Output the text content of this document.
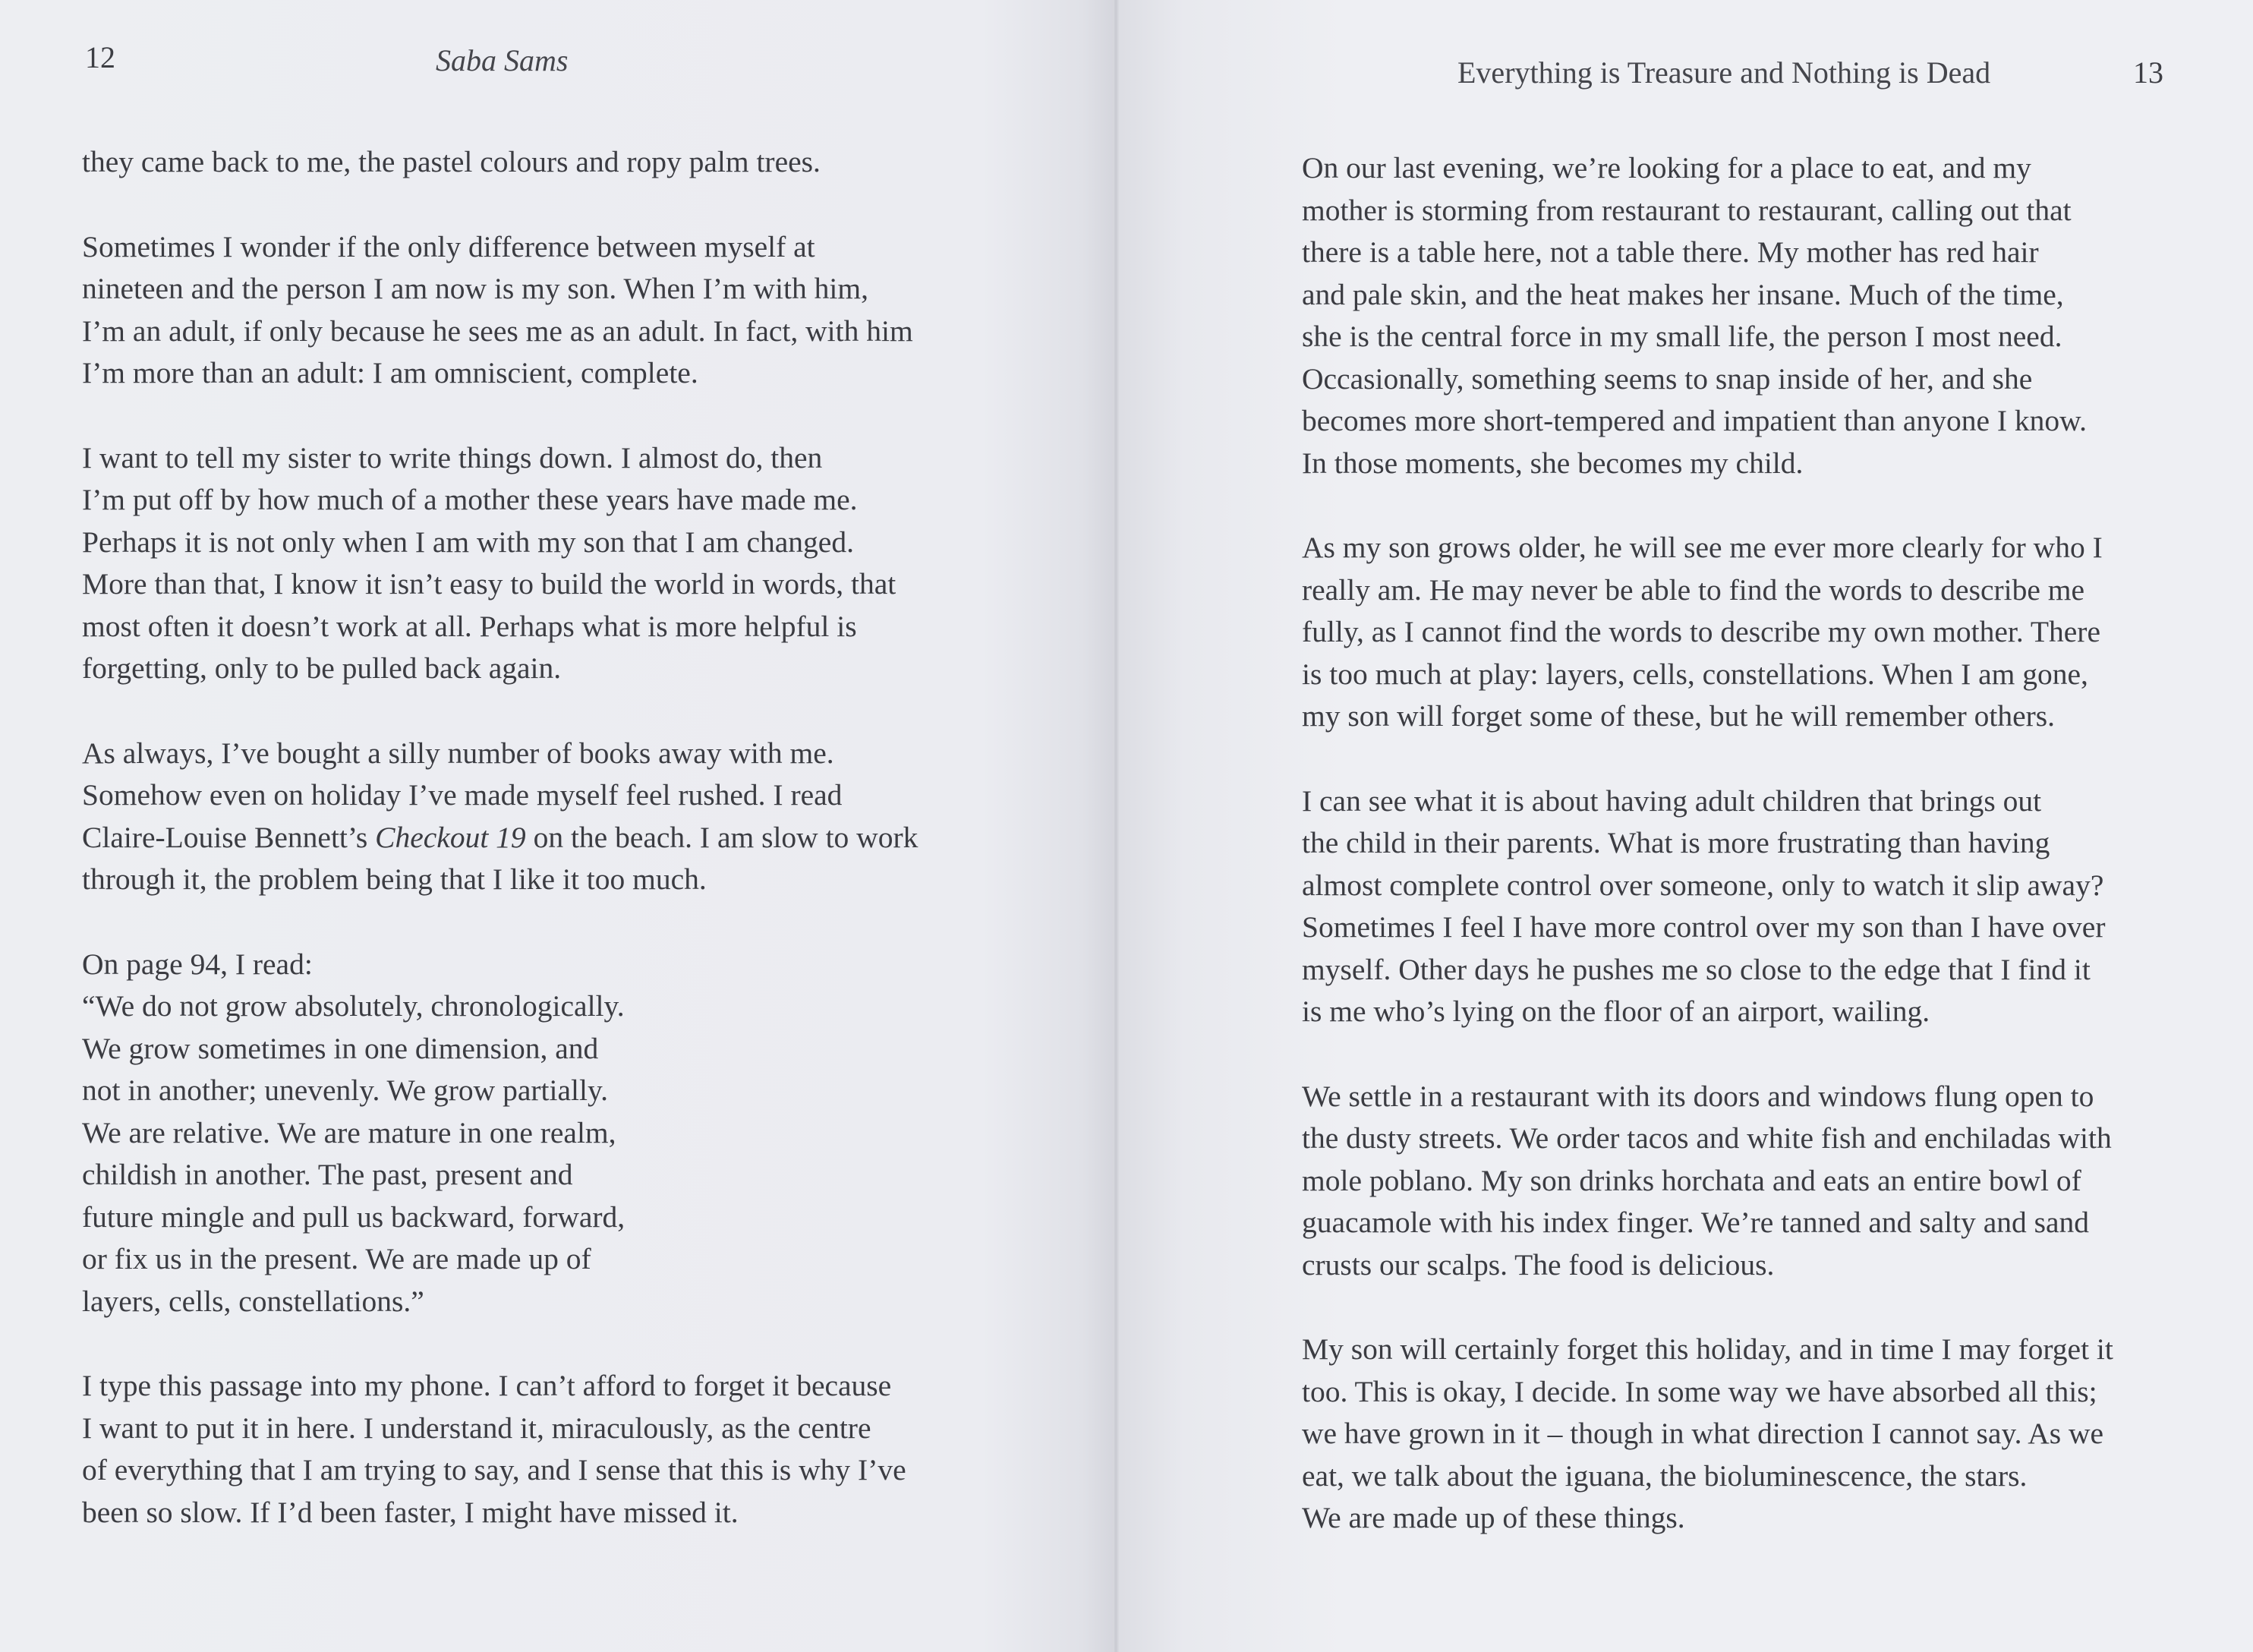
12	Saba Sams

they came back to me, the pastel colours and ropy palm trees.

Sometimes I wonder if the only difference between myself at
nineteen and the person I am now is my son. When I’m with him,
I’m an adult, if only because he sees me as an adult. In fact, with him
I’m more than an adult: I am omniscient, complete.

I want to tell my sister to write things down. I almost do, then
I’m put off by how much of a mother these years have made me.
Perhaps it is not only when I am with my son that I am changed.
More than that, I know it isn’t easy to build the world in words, that
most often it doesn’t work at all. Perhaps what is more helpful is
forgetting, only to be pulled back again.

As always, I’ve bought a silly number of books away with me.
Somehow even on holiday I’ve made myself feel rushed. I read
Claire-Louise Bennett’s Checkout 19 on the beach. I am slow to work
through it, the problem being that I like it too much.

On page 94, I read:

“We do not grow absolutely, chronologically.
We grow sometimes in one dimension, and
not in another; unevenly. We grow partially.
We are relative. We are mature in one realm,
childish in another. The past, present and
future mingle and pull us backward, forward,
or fix us in the present. We are made up of
layers, cells, constellations.”

I type this passage into my phone. I can’t afford to forget it because
I want to put it in here. I understand it, miraculously, as the centre
of everything that I am trying to say, and I sense that this is why I’ve
been so slow. If I’d been faster, I might have missed it.

Everything is Treasure and Nothing is Dead	13

On our last evening, we’re looking for a place to eat, and my
mother is storming from restaurant to restaurant, calling out that
there is a table here, not a table there. My mother has red hair
and pale skin, and the heat makes her insane. Much of the time,
she is the central force in my small life, the person I most need.
Occasionally, something seems to snap inside of her, and she
becomes more short-tempered and impatient than anyone I know.
In those moments, she becomes my child.

As my son grows older, he will see me ever more clearly for who I
really am. He may never be able to find the words to describe me
fully, as I cannot find the words to describe my own mother. There
is too much at play: layers, cells, constellations. When I am gone,
my son will forget some of these, but he will remember others.

I can see what it is about having adult children that brings out
the child in their parents. What is more frustrating than having
almost complete control over someone, only to watch it slip away?
Sometimes I feel I have more control over my son than I have over
myself. Other days he pushes me so close to the edge that I find it
is me who’s lying on the floor of an airport, wailing.

We settle in a restaurant with its doors and windows flung open to
the dusty streets. We order tacos and white fish and enchiladas with
mole poblano. My son drinks horchata and eats an entire bowl of
guacamole with his index finger. We’re tanned and salty and sand
crusts our scalps. The food is delicious.

My son will certainly forget this holiday, and in time I may forget it
too. This is okay, I decide. In some way we have absorbed all this;
we have grown in it – though in what direction I cannot say. As we
eat, we talk about the iguana, the bioluminescence, the stars.
We are made up of these things.
